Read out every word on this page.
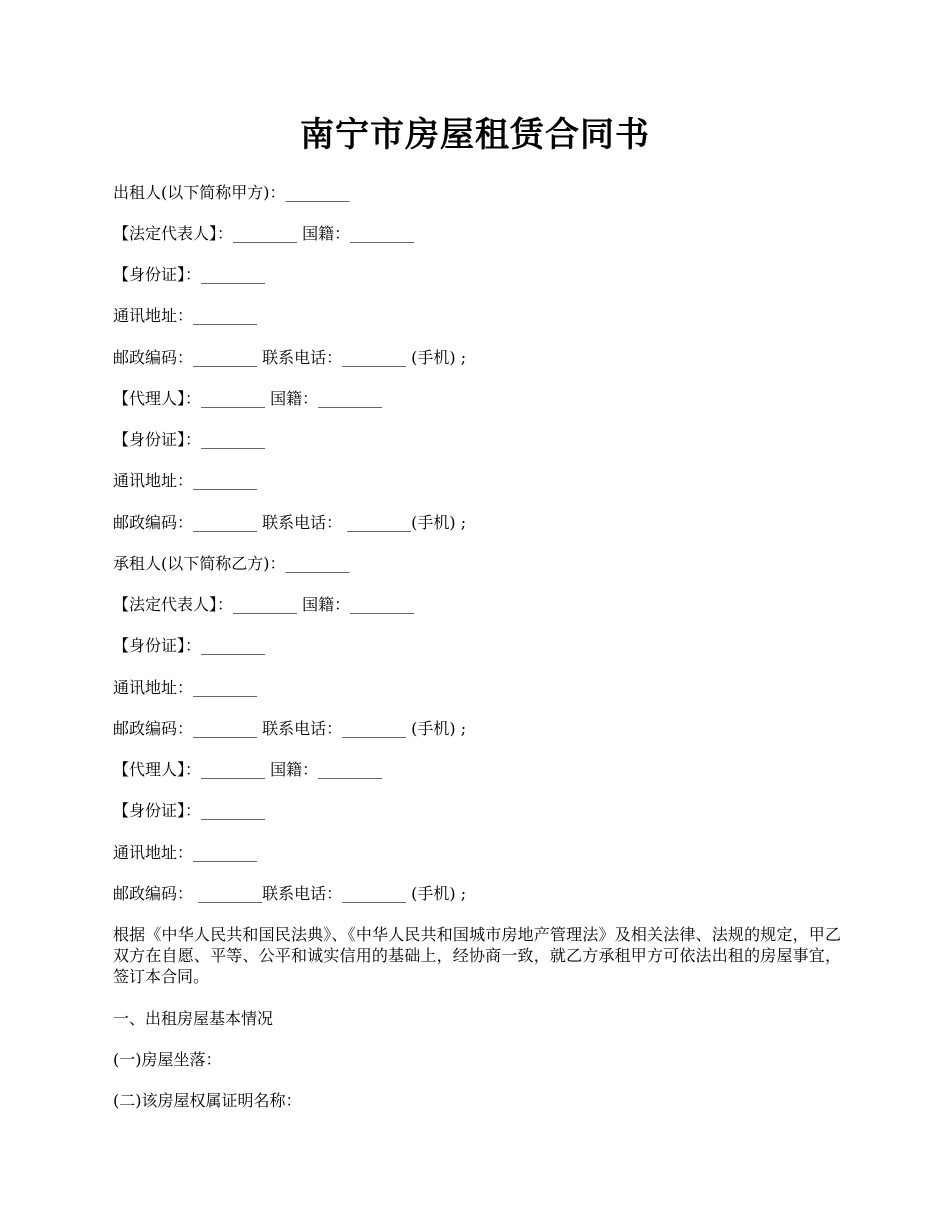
南宁市房屋租赁合同书
出租人(以下简称甲方)：________
【法定代表人】：________ 国籍：________
【身份证】：________
通讯地址：________
邮政编码：________ 联系电话：________ (手机) ;
【代理人】：________ 国籍：________
【身份证】：________
通讯地址：________
邮政编码：________ 联系电话： ________(手机) ;
承租人(以下简称乙方)：________
【法定代表人】：________ 国籍：________
【身份证】：________
通讯地址：________
邮政编码：________ 联系电话：________ (手机) ;
【代理人】：________ 国籍：________
【身份证】：________
通讯地址：________
邮政编码： ________联系电话：________ (手机) ;
根据《中华人民共和国民法典》、《中华人民共和国城市房地产管理法》及相关法律、法规的规定，甲乙双方在自愿、平等、公平和诚实信用的基础上，经协商一致，就乙方承租甲方可依法出租的房屋事宜，签订本合同。
一、出租房屋基本情况
(一)房屋坐落：
(二)该房屋权属证明名称：
